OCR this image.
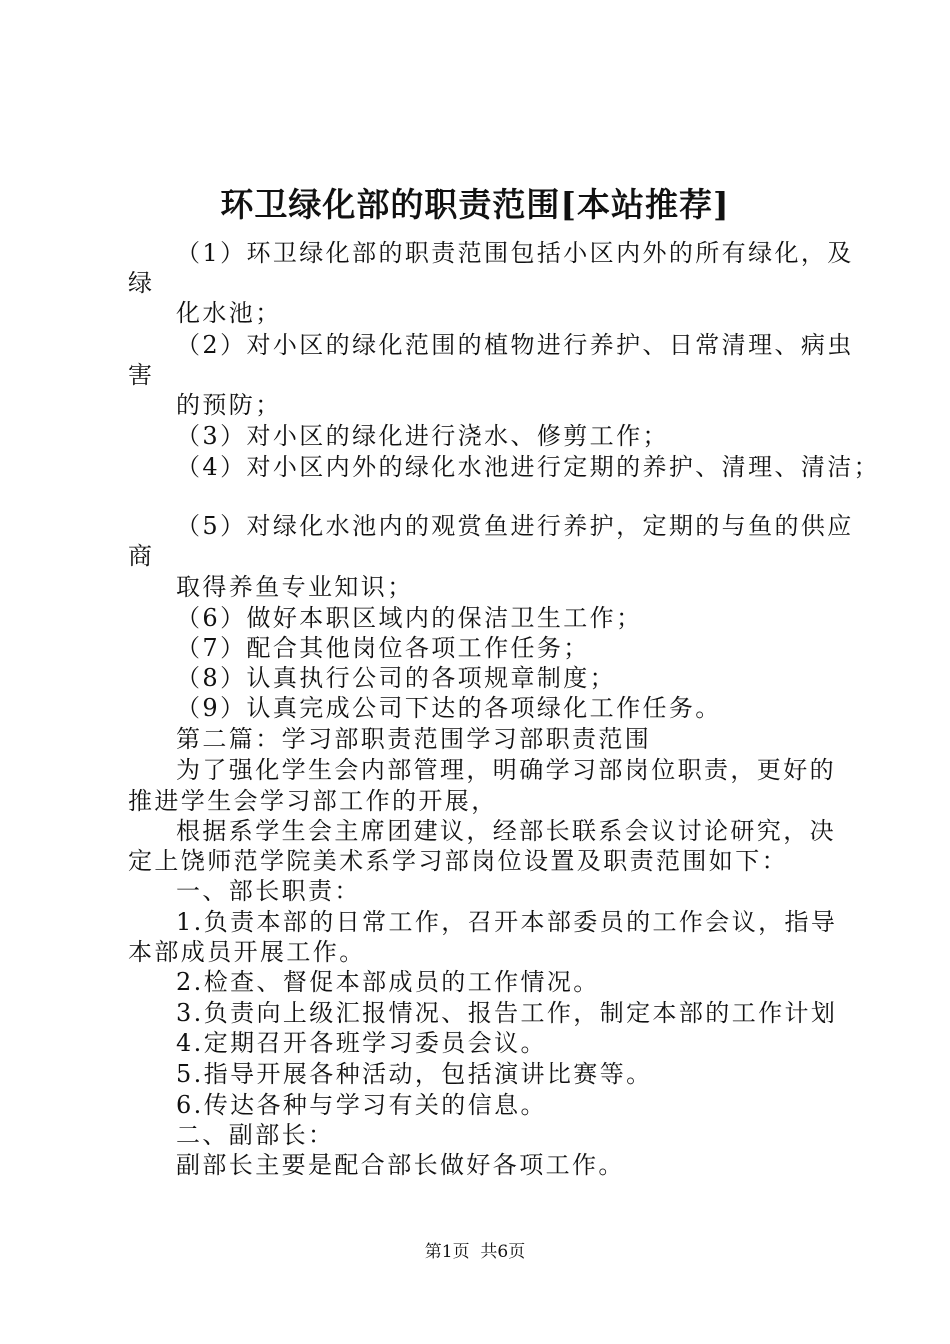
环卫绿化部的职责范围[本站推荐]
（1）环卫绿化部的职责范围包括小区内外的所有绿化，及
绿
化水池；
（2）对小区的绿化范围的植物进行养护、日常清理、病虫
害
的预防；
（3）对小区的绿化进行浇水、修剪工作；
（4）对小区内外的绿化水池进行定期的养护、清理、清洁；
（5）对绿化水池内的观赏鱼进行养护，定期的与鱼的供应
商
取得养鱼专业知识；
（6）做好本职区域内的保洁卫生工作；
（7）配合其他岗位各项工作任务；
（8）认真执行公司的各项规章制度；
（9）认真完成公司下达的各项绿化工作任务。
第二篇：学习部职责范围学习部职责范围
为了强化学生会内部管理，明确学习部岗位职责，更好的
推进学生会学习部工作的开展，
根据系学生会主席团建议，经部长联系会议讨论研究，决
定上饶师范学院美术系学习部岗位设置及职责范围如下：
一、部长职责：
1.负责本部的日常工作，召开本部委员的工作会议，指导
本部成员开展工作。
2.检查、督促本部成员的工作情况。
3.负责向上级汇报情况、报告工作，制定本部的工作计划
4.定期召开各班学习委员会议。
5.指导开展各种活动，包括演讲比赛等。
6.传达各种与学习有关的信息。
二、副部长：
副部长主要是配合部长做好各项工作。
第1页  共6页
